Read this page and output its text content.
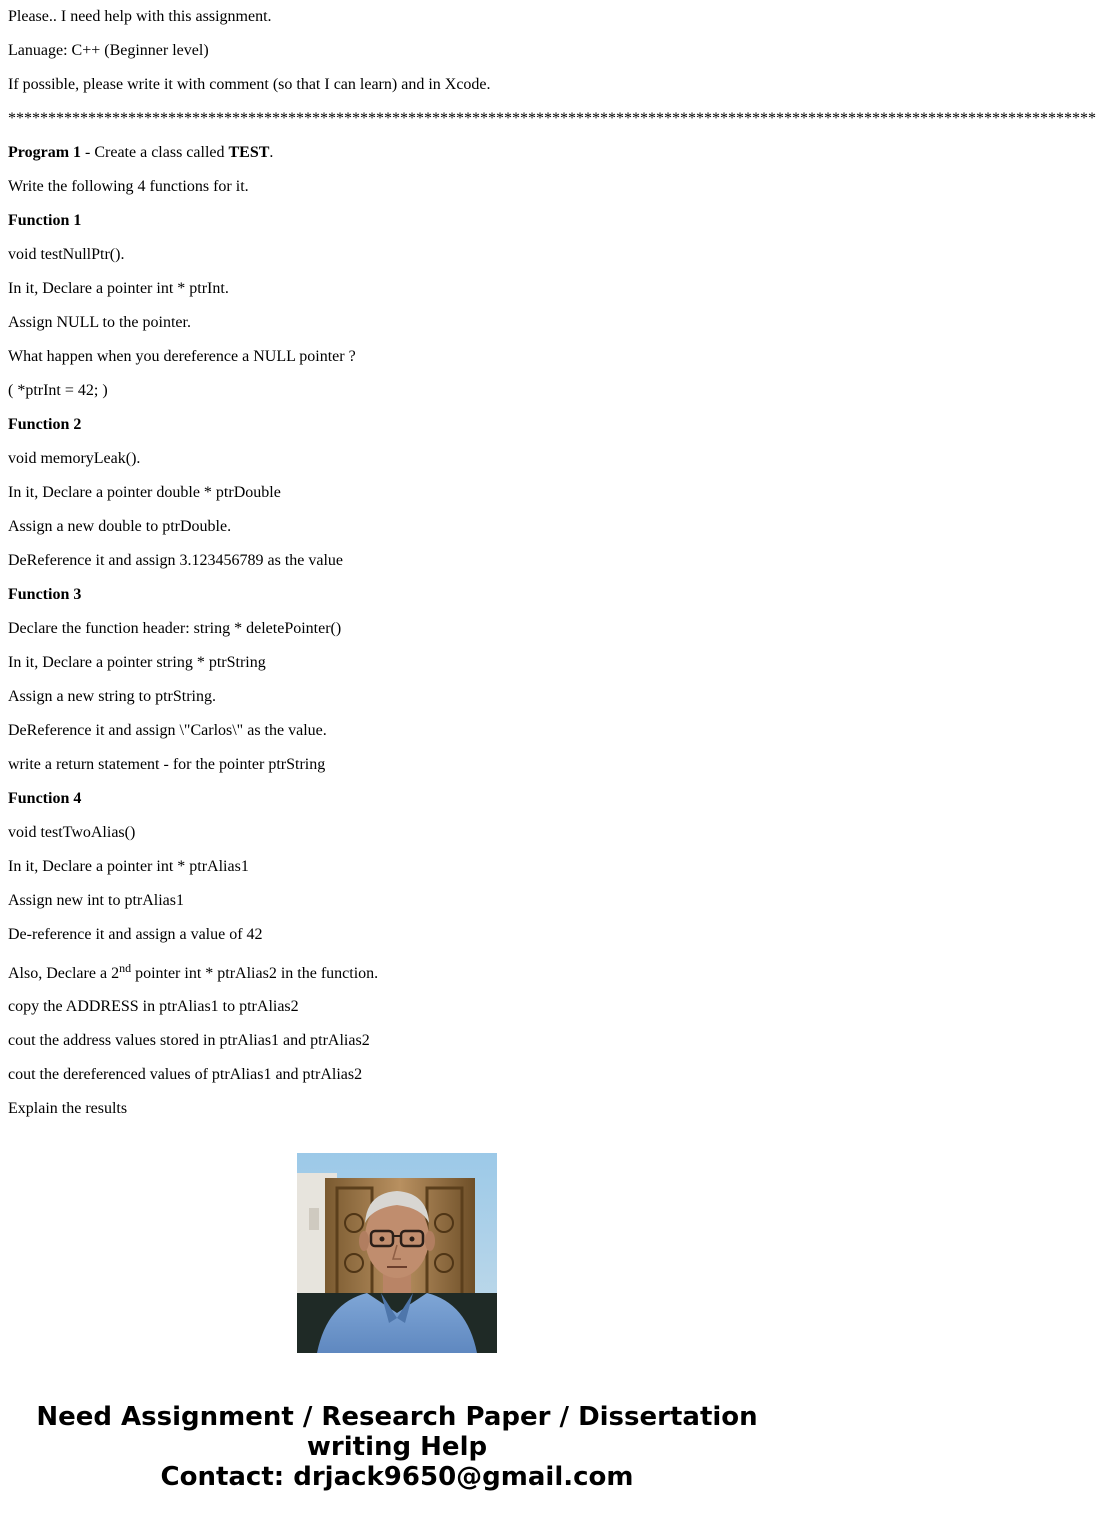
Please.. I need help with this assignment.
Lanuage: C++ (Beginner level)
If possible, please write it with comment (so that I can learn) and in Xcode.
****************************************************************************************************************************************
Program 1 - Create a class called TEST.
Write the following 4 functions for it.
Function 1
void testNullPtr().
In it, Declare a pointer int * ptrInt.
Assign NULL to the pointer.
What happen when you dereference a NULL pointer ?
( *ptrInt = 42; )
Function 2
void memoryLeak().
In it, Declare a pointer double * ptrDouble
Assign a new double to ptrDouble.
DeReference it and assign 3.123456789 as the value
Function 3
Declare the function header: string * deletePointer()
In it, Declare a pointer string * ptrString
Assign a new string to ptrString.
DeReference it and assign \"Carlos\" as the value.
write a return statement - for the pointer ptrString
Function 4
void testTwoAlias()
In it, Declare a pointer int * ptrAlias1
Assign new int to ptrAlias1
De-reference it and assign a value of 42
Also, Declare a 2nd pointer int * ptrAlias2 in the function.
copy the ADDRESS in ptrAlias1 to ptrAlias2
cout the address values stored in ptrAlias1 and ptrAlias2
cout the dereferenced values of ptrAlias1 and ptrAlias2
Explain the results
Need Assignment / Research Paper / Dissertation
writing Help
Contact: drjack9650@gmail.com
